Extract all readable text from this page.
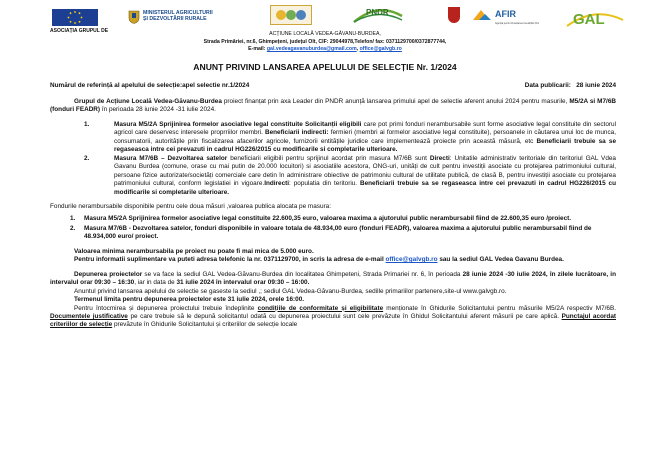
ASOCIAȚIA GRUPUL DE
MINISTERUL AGRICULTURII
ȘI DEZVOLTĂRII RURALE
PNDR	AFIR
Agenția pentru Finanțarea Investițiilor Rurale GAL
ACȚIUNE LOCALĂ VEDEA-GĂVANU-BURDEA,
Strada Primăriei, nr.6, Ghimpețeni, județul Olt, CIF: 29044978,Telefon/ fax: 0371129700/0372877744,
E-mail: gal.vedeagavanuburdea@gmail.com, office@galvgb.ro
ANUNȚ PRIVIND LANSAREA APELULUI DE SELECȚIE Nr. 1/2024
Numărul de referință al apelului de selecție:apel selectie nr.1/2024	Data publicarii: 28 iunie 2024

Grupul de Acțiune Locală Vedea-Găvanu-Burdea proiect finanțat prin axa Leader din PNDR anunță lansarea primului apel de selectie aferent anului 2024 pentru masurile, M5/2A si M7/6B (fonduri FEADR) în perioada 28 iunie 2024 -31 iulie 2024.

1.	Masura M5/2A Sprijinirea formelor asociative legal constituite Solicitanții eligibili care pot primi fonduri nerambursabile sunt forme asociative legal constituite din sectorul agricol care deservesc interesele proprriilor membri. Beneficiarii indirecti: fermieri (membri ai formelor asociative legal constituite), persoanele in căutarea unui loc de munca, consumatorii, autoritățile prin fiscalizarea afacerilor agricole, furnizorii entitățile juridice care implementează proiecte prin această măsură, etc Beneficiarii trebuie sa se regaseasca intre cei prevazuti in cadrul HG226/2015 cu modificarile si completarile ulterioare.
2.	Masura M7/6B – Dezvoltarea satelor beneficiarii eligibili pentru sprijinul acordat prin masura M7/6B sunt Directi: Unitatile administrativ teritoriale din teritoriul GAL Vdea Gavanu Burdea (comune, orase cu mai putin de 20.000 locuitori) si asociatiile acestora, ONG-uri, unități de cult pentru investiții asociate cu protejarea patrimoniului cultural, persoane fizice autorizate/societăți comerciale care detin în administrare obiective de patrimoniu cultural de utilitate publică, de clasă B, pentru investiții asociate cu protejarea patrimoniului cultural, conform legislatiei in vigoare.Indirecti: populatia din teritoriu. Beneficiarii trebuie sa se regaseasca intre cei prevazuti in cadrul HG226/2015 cu modificarile si completarile ulterioare.

Fondurile nerambursabile disponibile pentru cele doua măsuri ,valoarea publica alocata pe masura:

1. Masura M5/2A Sprijinirea formelor asociative legal constituite 22.600,35 euro, valoarea maxima a ajutorului public nerambursabil fiind de 22.600,35 euro /proiect.
2. Masura M7/6B - Dezvoltarea satelor, fonduri disponibile in valoare totala de 48.934,00 euro (fonduri FEADR), valoarea maxima a ajutorului public nerambursabil fiind de 48.934,000 euro/ proiect.

Valoarea minima nerambursabila pe proiect nu poate fi mai mica de 5.000 euro.

Pentru informatii suplimentare va puteti adresa telefonic la nr. 0371129700, in scris la adresa de e-mail office@galvgb.ro sau la sediul GAL Vedea Gavanu Burdea.

Depunerea proiectelor se va face la sediul GAL Vedea-Găvanu-Burdea din localitatea Ghimpeteni, Strada Primariei nr. 6, în perioada 28 iunie 2024 -30 iulie 2024, în zilele lucrătoare, in intervalul orar 09:30 – 16:30, iar in data de 31 iulie 2024 în intervalul orar 09:30 – 16:00.

Anuntul privind lansarea apelului de selectie se gaseste la sediul ,; sediul GAL Vedea-Găvanu-Burdea, sedille primariilor partenere,site-ul www.galvgb.ro.

Termenul limita pentru depunerea proiectelor este 31 iulie 2024, orele 16:00.

Pentru întocmirea și depunerea proiectului trebuie îndeplinite condițiile de conformitate și eligibilitate menționate în Ghidurile Solicitantului pentru măsurile M5/2A respectiv M7/6B. Documentele justificative pe care trebuie să le depună solicitantul odată cu depunerea proiectului sunt cele prevăzute în Ghidul Solicitantului aferent măsurii pe care aplică. Punctajul acordat criteriilor de selecție prevăzute în Ghidurile Solicitantului și criteriilor de selecție locale
